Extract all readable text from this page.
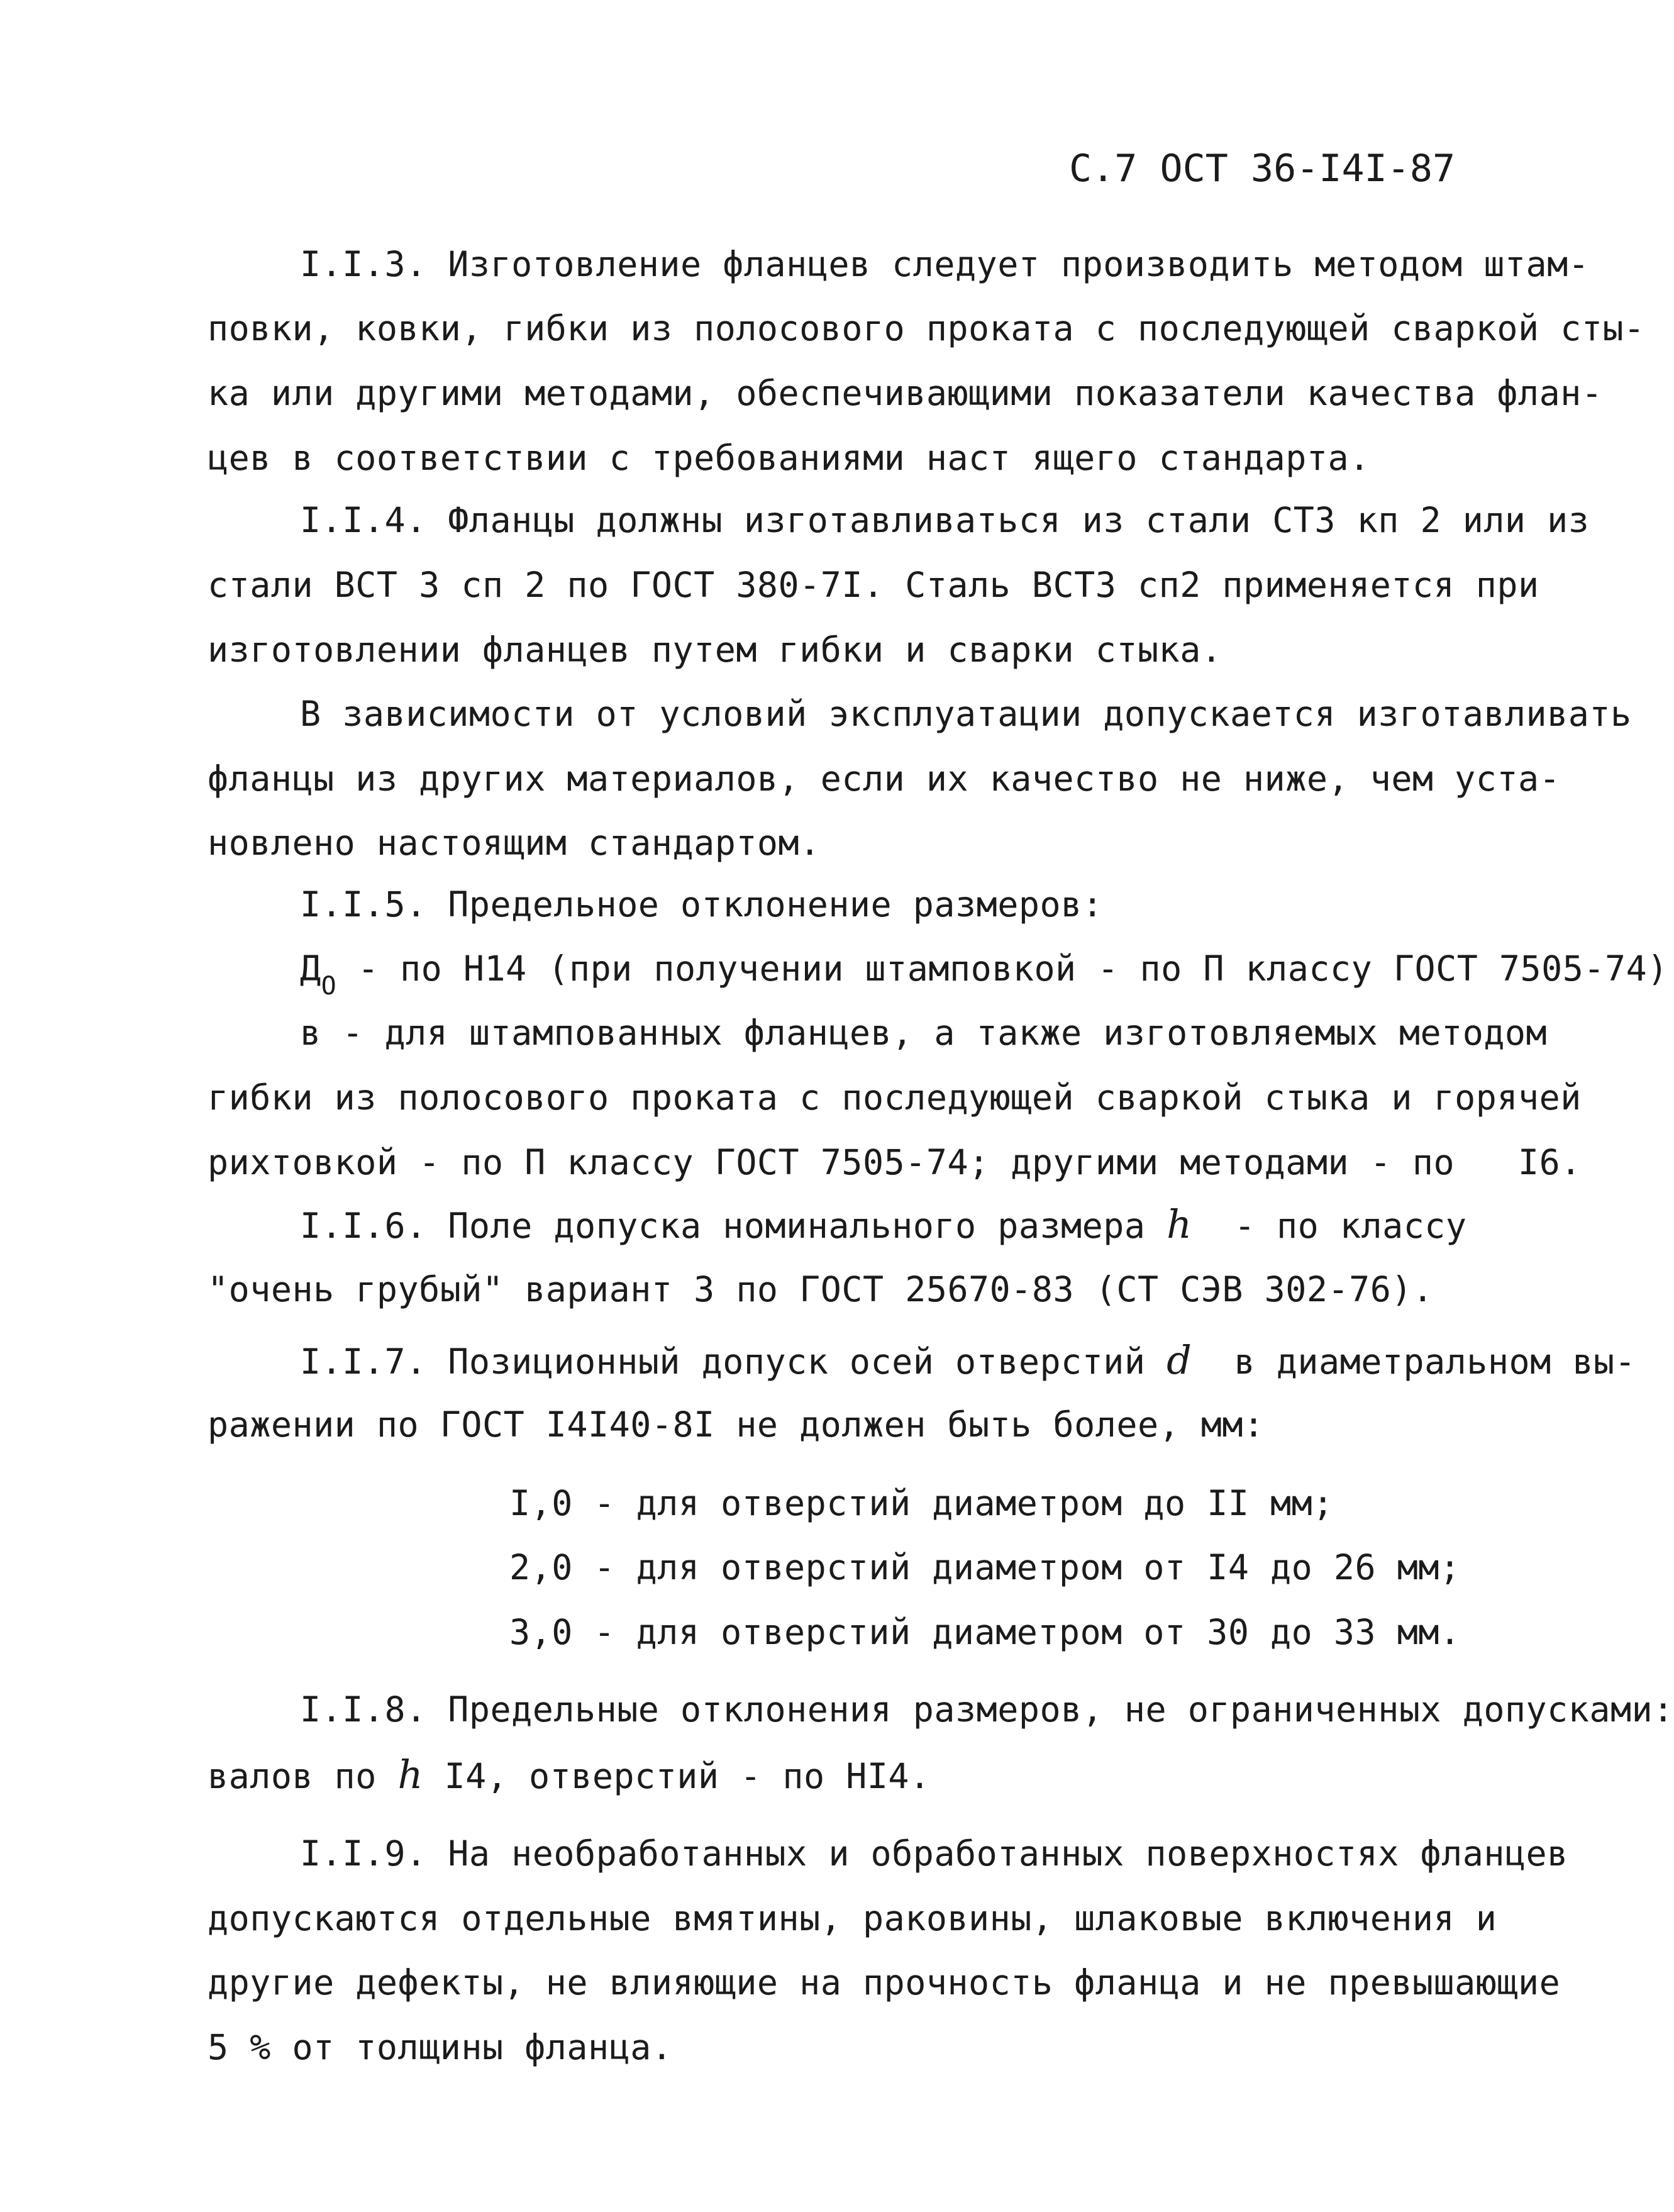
С.7 ОСТ 36-I4I-87
I.I.3. Изготовление фланцев следует производить методом штам-
повки, ковки, гибки из полосового проката с последующей сваркой сты-
ка или другими методами, обеспечивающими показатели качества флан-
цев в соответствии с требованиями наст ящего стандарта.
I.I.4. Фланцы должны изготавливаться из стали СТ3 кп 2 или из
стали ВСТ 3 сп 2 по ГОСТ 380-7I. Сталь ВСТ3 сп2 применяется при
изготовлении фланцев путем гибки и сварки стыка.
В зависимости от условий эксплуатации допускается изготавливать
фланцы из других материалов, если их качество не ниже, чем уста-
новлено настоящим стандартом.
I.I.5. Предельное отклонение размеров:
$Д_О$ - по Н14 (при получении штамповкой - по П классу ГОСТ 7505-74)
в - для штампованных фланцев, а также изготовляемых методом
гибки из полосового проката с последующей сваркой стыка и горячей
рихтовкой - по П классу ГОСТ 7505-74; другими методами - по   I6.
I.I.6. Поле допуска номинального размера h  - по классу
"очень грубый" вариант 3 по ГОСТ 25670-83 (СТ СЭВ 302-76).
I.I.7. Позиционный допуск осей отверстий d  в диаметральном вы-
ражении по ГОСТ I4I40-8I не должен быть более, мм:
I,0 - для отверстий диаметром до II мм;
2,0 - для отверстий диаметром от I4 до 26 мм;
3,0 - для отверстий диаметром от 30 до 33 мм.
I.I.8. Предельные отклонения размеров, не ограниченных допусками:
валов по h I4, отверстий - по НI4.
I.I.9. На необработанных и обработанных поверхностях фланцев
допускаются отдельные вмятины, раковины, шлаковые включения и
другие дефекты, не влияющие на прочность фланца и не превышающие
5 % от толщины фланца.
